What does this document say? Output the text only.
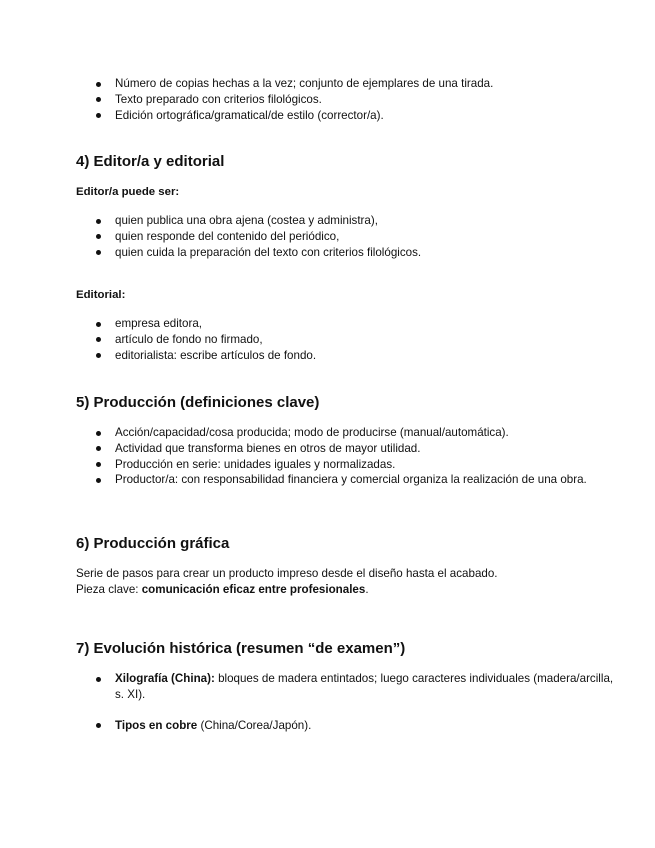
Número de copias hechas a la vez; conjunto de ejemplares de una tirada.
Texto preparado con criterios filológicos.
Edición ortográfica/gramatical/de estilo (corrector/a).
4) Editor/a y editorial
Editor/a puede ser:
quien publica una obra ajena (costea y administra),
quien responde del contenido del periódico,
quien cuida la preparación del texto con criterios filológicos.
Editorial:
empresa editora,
artículo de fondo no firmado,
editorialista: escribe artículos de fondo.
5) Producción (definiciones clave)
Acción/capacidad/cosa producida; modo de producirse (manual/automática).
Actividad que transforma bienes en otros de mayor utilidad.
Producción en serie: unidades iguales y normalizadas.
Productor/a: con responsabilidad financiera y comercial organiza la realización de una obra.
6) Producción gráfica
Serie de pasos para crear un producto impreso desde el diseño hasta el acabado.
Pieza clave: comunicación eficaz entre profesionales.
7) Evolución histórica (resumen “de examen”)
Xilografía (China): bloques de madera entintados; luego caracteres individuales (madera/arcilla, s. XI).
Tipos en cobre (China/Corea/Japón).
